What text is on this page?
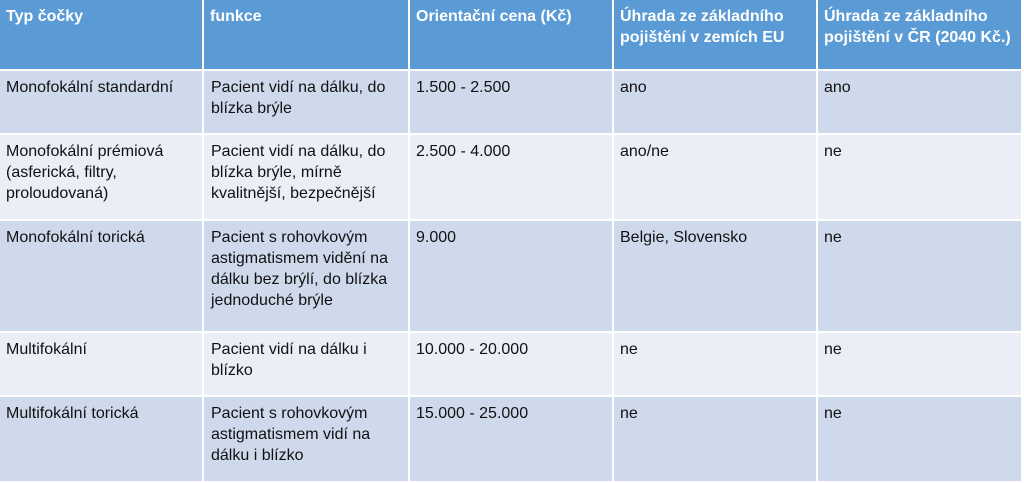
Typ čočky	funkce	Orientační cena (Kč)	Úhrada ze základního pojištění v zemích EU	Úhrada ze základního pojištění v ČR (2040 Kč.)
Monofokální standardní	Pacient vidí na dálku, do blízka brýle	1.500 - 2.500	ano	ano
Monofokální prémiová (asferická, filtry, proloudovaná)	Pacient vidí na dálku, do blízka brýle, mírně kvalitnější, bezpečnější	2.500 - 4.000	ano/ne	ne
Monofokální torická	Pacient s rohovkovým astigmatismem vidění na dálku bez brýlí, do blízka jednoduché brýle	9.000	Belgie, Slovensko	ne
Multifokální	Pacient vidí na dálku i blízko	10.000 - 20.000	ne	ne
Multifokální torická	Pacient s rohovkovým astigmatismem vidí na dálku i blízko	15.000 - 25.000	ne	ne
